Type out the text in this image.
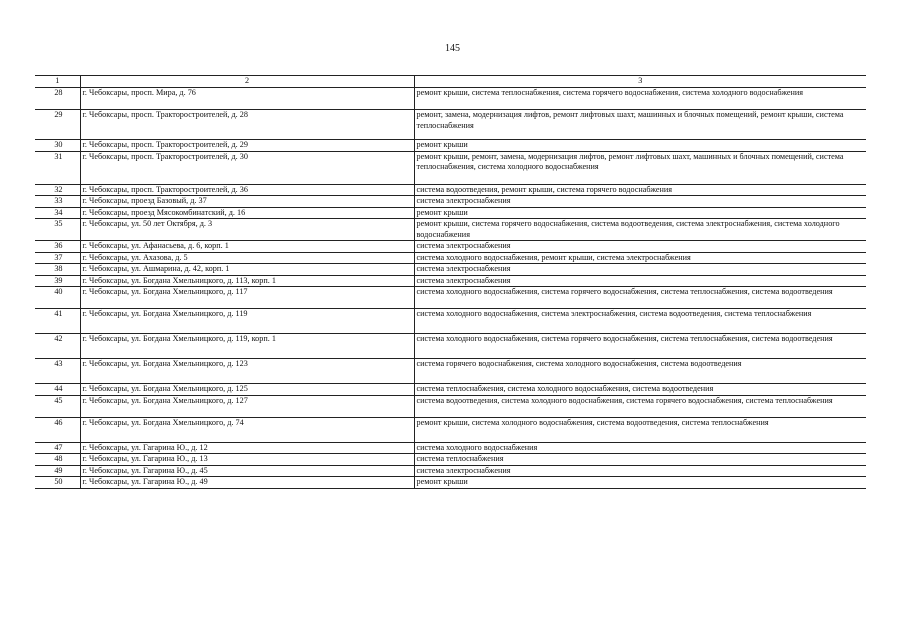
145
1	2	3
28	г. Чебоксары, просп. Мира, д. 76	ремонт крыши, система теплоснабжения, система горячего водоснабжения, система холодного водоснабжения
29	г. Чебоксары, просп. Тракторостроителей, д. 28	ремонт, замена, модернизация лифтов, ремонт лифтовых шахт, машинных и блочных помещений, ремонт крыши, система теплоснабжения
30	г. Чебоксары, просп. Тракторостроителей, д. 29	ремонт крыши
31	г. Чебоксары, просп. Тракторостроителей, д. 30	ремонт крыши, ремонт, замена, модернизация лифтов, ремонт лифтовых шахт, машинных и блочных помещений, система теплоснабжения, система холодного водоснабжения
32	г. Чебоксары, просп. Тракторостроителей, д. 36	система водоотведения, ремонт крыши, система горячего водоснабжения
33	г. Чебоксары, проезд Базовый, д. 37	система электроснабжения
34	г. Чебоксары, проезд Мясокомбинатский, д. 16	ремонт крыши
35	г. Чебоксары, ул. 50 лет Октября, д. 3	ремонт крыши, система горячего водоснабжения, система водоотведения, система электроснабжения, система холодного водоснабжения
36	г. Чебоксары, ул. Афанасьева, д. 6, корп. 1	система электроснабжения
37	г. Чебоксары, ул. Ахазова, д. 5	система холодного водоснабжения, ремонт крыши, система электроснабжения
38	г. Чебоксары, ул. Ашмарина, д. 42, корп. 1	система электроснабжения
39	г. Чебоксары, ул. Богдана Хмельницкого, д. 113, корп. 1	система электроснабжения
40	г. Чебоксары, ул. Богдана Хмельницкого, д. 117	система холодного водоснабжения, система горячего водоснабжения, система теплоснабжения, система водоотведения
41	г. Чебоксары, ул. Богдана Хмельницкого, д. 119	система холодного водоснабжения, система электроснабжения, система водоотведения, система теплоснабжения
42	г. Чебоксары, ул. Богдана Хмельницкого, д. 119, корп. 1	система холодного водоснабжения, система горячего водоснабжения, система теплоснабжения, система водоотведения
43	г. Чебоксары, ул. Богдана Хмельницкого, д. 123	система горячего водоснабжения, система холодного водоснабжения, система водоотведения
44	г. Чебоксары, ул. Богдана Хмельницкого, д. 125	система теплоснабжения, система холодного водоснабжения, система водоотведения
45	г. Чебоксары, ул. Богдана Хмельницкого, д. 127	система водоотведения, система холодного водоснабжения, система горячего водоснабжения, система теплоснабжения
46	г. Чебоксары, ул. Богдана Хмельницкого, д. 74	ремонт крыши, система холодного водоснабжения, система водоотведения, система теплоснабжения
47	г. Чебоксары, ул. Гагарина Ю., д. 12	система холодного водоснабжения
48	г. Чебоксары, ул. Гагарина Ю., д. 13	система теплоснабжения
49	г. Чебоксары, ул. Гагарина Ю., д. 45	система электроснабжения
50	г. Чебоксары, ул. Гагарина Ю., д. 49	ремонт крыши
